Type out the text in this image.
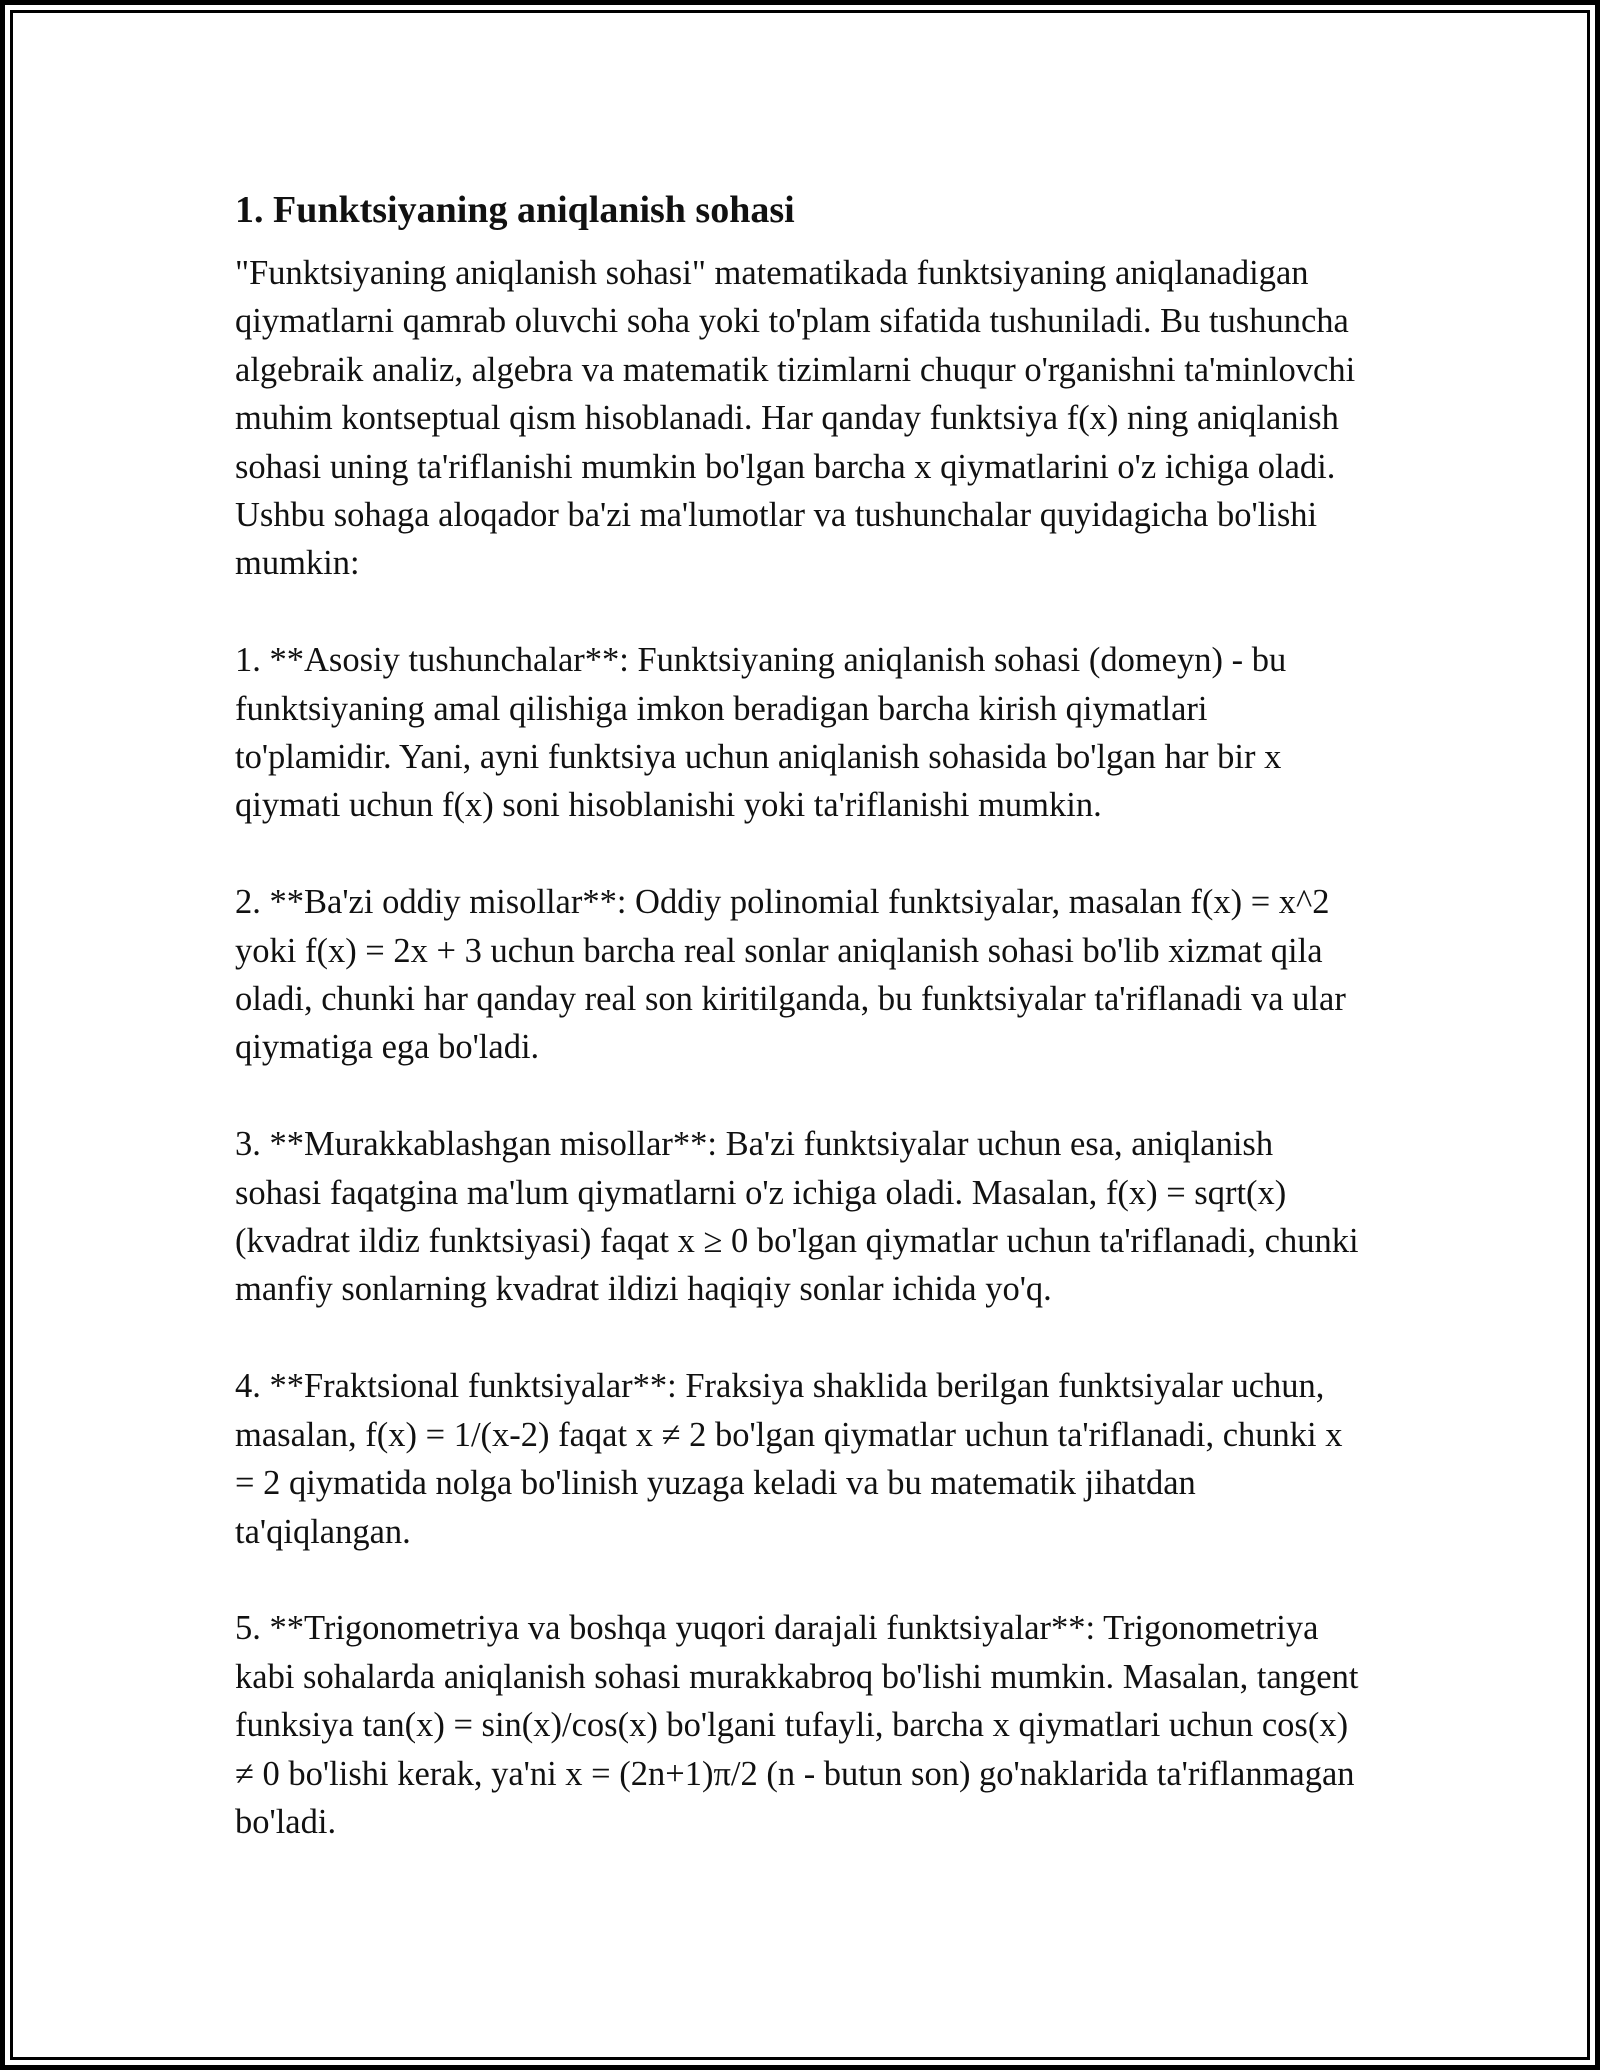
1. Funktsiyaning aniqlanish sohasi

"Funktsiyaning aniqlanish sohasi" matematikada funktsiyaning aniqlanadigan qiymatlarni qamrab oluvchi soha yoki to'plam sifatida tushuniladi. Bu tushuncha algebraik analiz, algebra va matematik tizimlarni chuqur o'rganishni ta'minlovchi muhim kontseptual qism hisoblanadi. Har qanday funktsiya f(x) ning aniqlanish sohasi uning ta'riflanishi mumkin bo'lgan barcha x qiymatlarini o'z ichiga oladi. Ushbu sohaga aloqador ba'zi ma'lumotlar va tushunchalar quyidagicha bo'lishi mumkin:

1. **Asosiy tushunchalar**: Funktsiyaning aniqlanish sohasi (domeyn) - bu funktsiyaning amal qilishiga imkon beradigan barcha kirish qiymatlari to'plamidir. Yani, ayni funktsiya uchun aniqlanish sohasida bo'lgan har bir x qiymati uchun f(x) soni hisoblanishi yoki ta'riflanishi mumkin.

2. **Ba'zi oddiy misollar**: Oddiy polinomial funktsiyalar, masalan f(x) = x^2 yoki f(x) = 2x + 3 uchun barcha real sonlar aniqlanish sohasi bo'lib xizmat qila oladi, chunki har qanday real son kiritilganda, bu funktsiyalar ta'riflanadi va ular qiymatiga ega bo'ladi.

3. **Murakkablashgan misollar**: Ba'zi funktsiyalar uchun esa, aniqlanish sohasi faqatgina ma'lum qiymatlarni o'z ichiga oladi. Masalan, f(x) = sqrt(x) (kvadrat ildiz funktsiyasi) faqat x ≥ 0 bo'lgan qiymatlar uchun ta'riflanadi, chunki manfiy sonlarning kvadrat ildizi haqiqiy sonlar ichida yo'q.

4. **Fraktsional funktsiyalar**: Fraksiya shaklida berilgan funktsiyalar uchun, masalan, f(x) = 1/(x-2) faqat x ≠ 2 bo'lgan qiymatlar uchun ta'riflanadi, chunki x = 2 qiymatida nolga bo'linish yuzaga keladi va bu matematik jihatdan ta'qiqlangan.

5. **Trigonometriya va boshqa yuqori darajali funktsiyalar**: Trigonometriya kabi sohalarda aniqlanish sohasi murakkabroq bo'lishi mumkin. Masalan, tangent funksiya tan(x) = sin(x)/cos(x) bo'lgani tufayli, barcha x qiymatlari uchun cos(x) ≠ 0 bo'lishi kerak, ya'ni x = (2n+1)π/2 (n - butun son) go'naklarida ta'riflanmagan bo'ladi.
